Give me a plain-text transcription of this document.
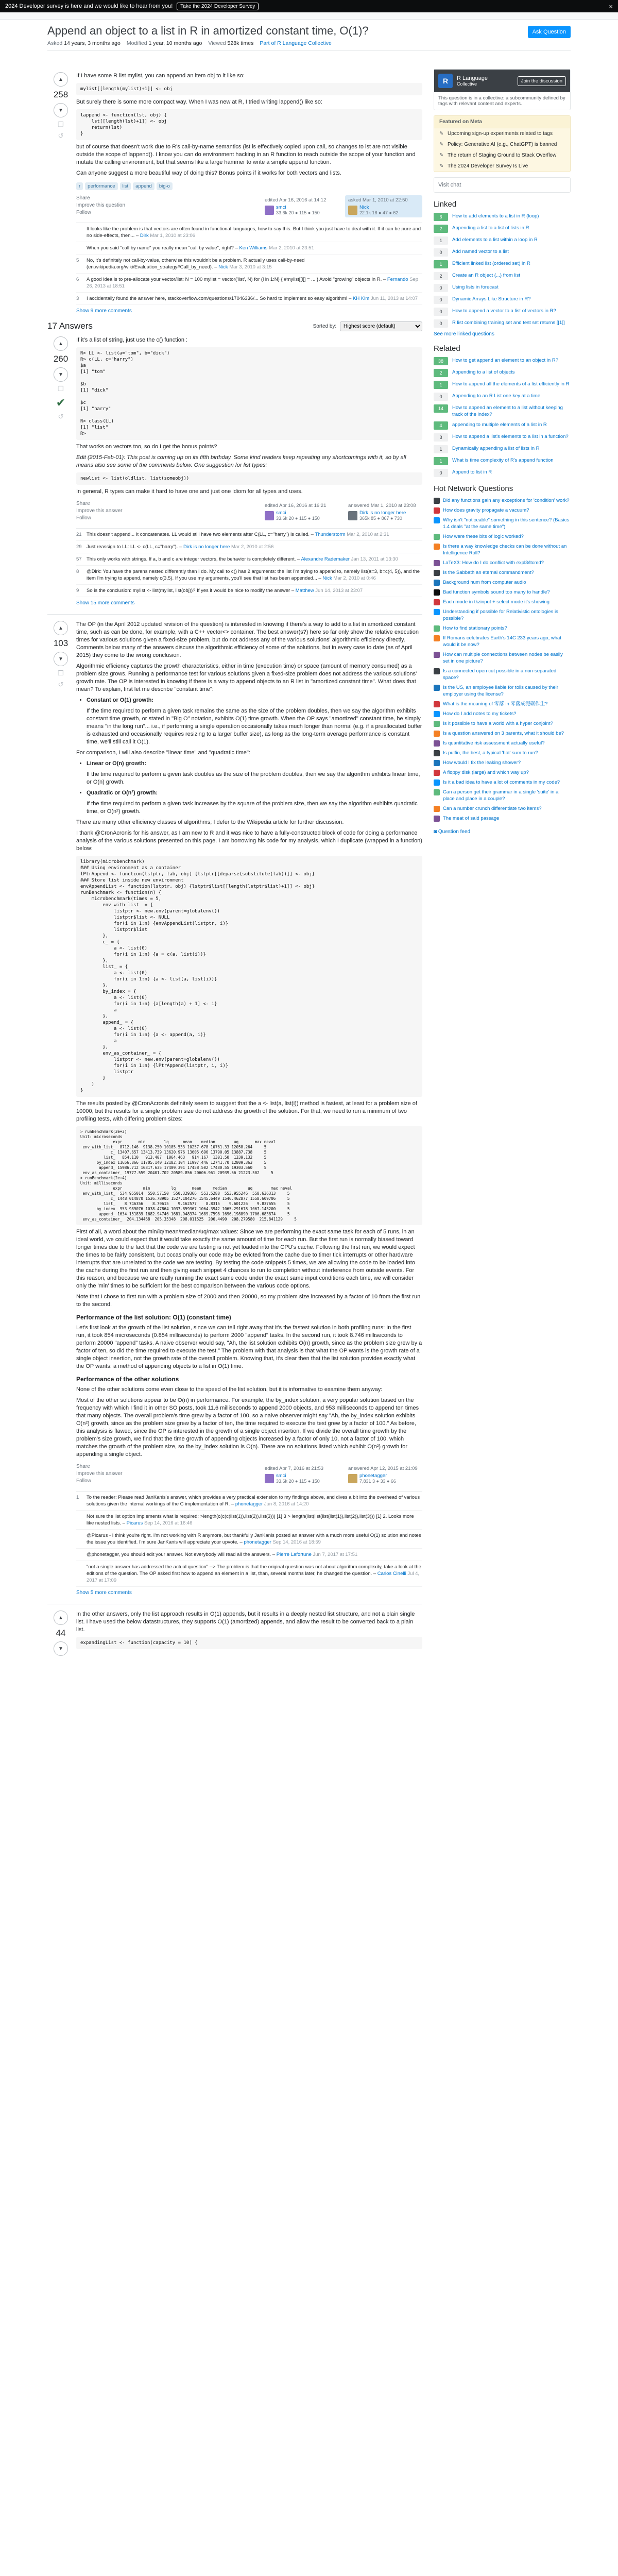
2024 Developer survey is here and we would like to hear from you!	Take the 2024 Developer Survey	×
Append an object to a list in R in amortized constant time, O(1)?	Ask Question
Asked 14 years, 3 months ago Modified 1 year, 10 months ago Viewed 528k times Part of R Language Collective
▲
258
▼
❐
↺

If I have some R list mylist, you can append an item obj to it like so:

mylist[[length(mylist)+1]] <- obj

But surely there is some more compact way. When I was new at R, I tried writing lappend() like so:

lappend <- function(lst, obj) {
lst[[length(lst)+1]] <- obj
return(lst)
}

but of course that doesn't work due to R's call-by-name semantics (lst is effectively copied upon call, so changes to lst are not visible outside the scope of lappend(). I know you can do environment hacking in an R function to reach outside the scope of your function and mutate the calling environment, but that seems like a large hammer to write a simple append function.

Can anyone suggest a more beautiful way of doing this? Bonus points if it works for both vectors and lists.

r	performance	list	append	big-o
Share
Improve this question
Follow
edited Apr 16, 2016 at 14:12
smci
33.6k 20 ● 115 ● 150
asked Mar 1, 2010 at 22:50
Nick
22.1k 18 ● 47 ● 62
It looks like the problem is that vectors are often found in functional languages, how to say this. But I think you just have to deal with it. If it can be pure and no side-effects, then... – Dirk Mar 1, 2010 at 23:06
When you said "call by name" you really mean "call by value", right? – Ken Williams Mar 2, 2010 at 23:51
5 No, it's definitely not call-by-value, otherwise this wouldn't be a problem. R actually uses call-by-need (en.wikipedia.org/wiki/Evaluation_strategy#Call_by_need). – Nick Mar 3, 2010 at 3:15
6 A good idea is to pre-allocate your vector/list: N = 100 mylist = vector('list', N) for (i in 1:N) { #mylist[[i]] = ... } Avoid "growing" objects in R. – Fernando Sep 26, 2013 at 18:51
3 I accidentally found the answer here, stackoverflow.com/questions/17046336/... So hard to implement so easy algorithm! – KH Kim Jun 11, 2013 at 14:07
Show 9 more comments
17 Answers	Sorted by:
Highest score (default)
▲
260
▼
❐
✔
↺

If it's a list of string, just use the c() function :

R> LL <- list(a="tom", b="dick")
R> c(LL, c="harry")
$a
[1] "tom"

$b
[1] "dick"

$c
[1] "harry"

R> class(LL)
[1] "list"
R>

That works on vectors too, so do I get the bonus points?

Edit (2015-Feb-01): This post is coming up on its fifth birthday. Some kind readers keep repeating any shortcomings with it, so by all means also see some of the comments below. One suggestion for list types:

newlist <- list(oldlist, list(someobj))

In general, R types can make it hard to have one and just one idiom for all types and uses.

Share
Improve this answer
Follow
edited Apr 16, 2016 at 16:21
smci
33.6k 20 ● 115 ● 150
answered Mar 1, 2010 at 23:08
Dirk is no longer here
365k 85 ● 867 ● 730
21 This doesn't append... It concatenates. LL would still have two elements after C(LL, c="harry") is called. – Thunderstorm Mar 2, 2010 at 2:31
29 Just reassign to LL: LL <- c(LL, c="harry"). – Dirk is no longer here Mar 2, 2010 at 2:56
57 This only works with strings. If a, b and c are integer vectors, the behavior is completely different. – Alexandre Rademaker Jan 13, 2011 at 13:30
8 @Dirk: You have the parens nested differently than I do. My call to c() has 2 arguments: the list I'm trying to append to, namely list(a=3, b=c(4, 5)), and the item I'm trying to append, namely c(3,5). If you use my arguments, you'll see that list has been appended... – Nick Mar 2, 2010 at 0:46
9 So is the conclusion: mylist <- list(mylist, list(obj))? If yes it would be nice to modify the answer – Matthew Jun 14, 2013 at 23:07
Show 15 more comments
▲
103
▼
❐
↺

The OP (in the April 2012 updated revision of the question) is interested in knowing if there's a way to add to a list in amortized constant time, such as can be done, for example, with a C++ vector<> container. The best answer(s?) here so far only show the relative execution times for various solutions given a fixed-size problem, but do not address any of the various solutions' algorithmic efficiency directly. Comments below many of the answers discuss the algorithmic efficiency of some of the solutions, but in every case to date (as of April 2015) they come to the wrong conclusion.

Algorithmic efficiency captures the growth characteristics, either in time (execution time) or space (amount of memory consumed) as a problem size grows. Running a performance test for various solutions given a fixed-size problem does not address the various solutions' growth rate. The OP is interested in knowing if there is a way to append objects to an R list in "amortized constant time". What does that mean? To explain, first let me describe "constant time":

• Constant or O(1) growth:

If the time required to perform a given task remains the same as the size of the problem doubles, then we say the algorithm exhibits constant time growth, or stated in "Big O" notation, exhibits O(1) time growth. When the OP says "amortized" constant time, he simply means "in the long run"... i.e., if performing a single operation occasionally takes much longer than normal (e.g. if a preallocated buffer is exhausted and occasionally requires resizing to a larger buffer size), as long as the long-term average performance is constant time, we'll still call it O(1).

For comparison, I will also describe "linear time" and "quadratic time":

• Linear or O(n) growth:

If the time required to perform a given task doubles as the size of the problem doubles, then we say the algorithm exhibits linear time, or O(n) growth.

• Quadratic or O(n²) growth:

If the time required to perform a given task increases by the square of the problem size, then we say the algorithm exhibits quadratic time, or O(n²) growth.

There are many other efficiency classes of algorithms; I defer to the Wikipedia article for further discussion.

I thank @CronAcronis for his answer, as I am new to R and it was nice to have a fully-constructed block of code for doing a performance analysis of the various solutions presented on this page. I am borrowing his code for my analysis, which I duplicate (wrapped in a function) below:

library(microbenchmark)
### Using environment as a container
lPtrAppend <- function(lstptr, lab, obj) {lstptr[[deparse(substitute(lab))]] <- obj}
### Store list inside new environment
envAppendList <- function(lstptr, obj) {lstptr$list[[length(lstptr$list)+1]] <- obj}
runBenchmark <- function(n) {
microbenchmark(times = 5,
env_with_list_ = {
listptr <- new.env(parent=globalenv())
listptr$list <- NULL
for(i in 1:n) {envAppendList(listptr, i)}
listptr$list
},
c_ = {
a <- list(0)
for(i in 1:n) {a = c(a, list(i))}
},
list_ = {
a <- list(0)
for(i in 1:n) {a <- list(a, list(i))}
},
by_index = {
a <- list(0)
for(i in 1:n) {a[length(a) + 1] <- i}
a
},
append_ = {
a <- list(0)
for(i in 1:n) {a <- append(a, i)}
a
},
env_as_container_ = {
listptr <- new.env(parent=globalenv())
for(i in 1:n) {lPtrAppend(listptr, i, i)}
listptr
}
)
}

The results posted by @CronAcronis definitely seem to suggest that the a <- list(a, list(i)) method is fastest, at least for a problem size of 10000, but the results for a single problem size do not address the growth of the solution. For that, we need to run a minimum of two profiling tests, with differing problem sizes:

> runBenchmark(2e+3)
Unit: microseconds
expr       min        lq      mean    median        uq       max neval
env_with_list_  8712.146  9138.250 10185.533 10257.678 10761.33 12058.264     5
c_ 13407.657 13413.739 13620.976 13605.696 13790.05 13887.738     5
list_   854.110   913.407  1064.463   914.167  1301.50  1339.132     5
by_index 11656.866 11705.140 12182.104 11997.446 12741.70 12809.363     5
append_ 15986.712 16817.635 17409.391 17458.502 17480.55 19303.560     5
env_as_container_ 19777.559 20401.702 20589.856 20606.961 20939.56 21223.502     5
> runBenchmark(2e+4)
Unit: milliseconds
expr         min         lq       mean     median         uq        max neval
env_with_list_  534.955014  550.57150  550.329366  553.5288  553.955246  558.636313     5
c_ 1448.014870 1536.78905 1527.104276 1545.6449 1546.462877 1558.609706     5
list_    8.746356    8.79615    9.162577    8.8315    9.601226    9.837655     5
by_index  953.989076 1038.47864 1037.859367 1064.3942 1065.291678 1067.143200     5
append_ 1634.151839 1682.94746 1681.948374 1689.7598 1696.198890 1706.683874     5
env_as_container_  204.134468  205.35348  208.011525  206.4490  208.279580  215.841129     5

First of all, a word about the min/lq/mean/median/uq/max values: Since we are performing the exact same task for each of 5 runs, in an ideal world, we could expect that it would take exactly the same amount of time for each run. But the first run is normally biased toward longer times due to the fact that the code we are testing is not yet loaded into the CPU's cache. Following the first run, we would expect the times to be fairly consistent, but occasionally our code may be evicted from the cache due to timer tick interrupts or other hardware interrupts that are unrelated to the code we are testing. By testing the code snippets 5 times, we are allowing the code to be loaded into the cache during the first run and then giving each snippet 4 chances to run to completion without interference from outside events. For this reason, and because we are really running the exact same code under the exact same input conditions each time, we will consider only the 'min' times to be sufficient for the best comparison between the various code options.

Note that I chose to first run with a problem size of 2000 and then 20000, so my problem size increased by a factor of 10 from the first run to the second.

Performance of the list solution: O(1) (constant time)

Let's first look at the growth of the list solution, since we can tell right away that it's the fastest solution in both profiling runs: In the first run, it took 854 microseconds (0.854 milliseconds) to perform 2000 "append" tasks. In the second run, it took 8.746 milliseconds to perform 20000 "append" tasks. A naive observer would say, "Ah, the list solution exhibits O(n) growth, since as the problem size grew by a factor of ten, so did the time required to execute the test." The problem with that analysis is that what the OP wants is the growth rate of a single object insertion, not the growth rate of the overall problem. Knowing that, it's clear then that the list solution provides exactly what the OP wants: a method of appending objects to a list in O(1) time.

Performance of the other solutions

None of the other solutions come even close to the speed of the list solution, but it is informative to examine them anyway:

Most of the other solutions appear to be O(n) in performance. For example, the by_index solution, a very popular solution based on the frequency with which I find it in other SO posts, took 11.6 milliseconds to append 2000 objects, and 953 milliseconds to append ten times that many objects. The overall problem's time grew by a factor of 100, so a naive observer might say "Ah, the by_index solution exhibits O(n²) growth, since as the problem size grew by a factor of ten, the time required to execute the test grew by a factor of 100." As before, this analysis is flawed, since the OP is interested in the growth of a single object insertion. If we divide the overall time growth by the problem's size growth, we find that the time growth of appending objects increased by a factor of only 10, not a factor of 100, which matches the growth of the problem size, so the by_index solution is O(n). There are no solutions listed which exhibit O(n²) growth for appending a single object.

Share
Improve this answer
Follow
edited Apr 7, 2016 at 21:53
smci
33.6k 20 ● 115 ● 150
answered Apr 12, 2015 at 21:09
phonetagger
7,831 3 ● 33 ● 66
1 To the reader: Please read JanKanis's answer, which provides a very practical extension to my findings above, and dives a bit into the overhead of various solutions given the internal workings of the C implementation of R. – phonetagger Jun 8, 2016 at 14:20
Not sure the list option implements what is required: >length(c(c(c(list(1)),list(2)),list(3))) [1] 3 > length(list(list(list(list(1)),list(2)),list(3))) [1] 2. Looks more like nested lists. – Picarus Sep 14, 2016 at 16:46
@Picarus - I think you're right. I'm not working with R anymore, but thankfully JanKanis posted an answer with a much more useful O(1) solution and notes the issue you identified. I'm sure JanKanis will appreciate your upvote. – phonetagger Sep 14, 2016 at 18:59
@phonetagger, you should edit your answer. Not everybody will read all the answers. – Pierre Lafortune Jun 7, 2017 at 17:51
"not a single answer has addressed the actual question" --> The problem is that the original question was not about algorithm complexity, take a look at the editions of the question. The OP asked first how to append an element in a list, than, several months later, he changed the question. – Carlos Cinelli Jul 4, 2017 at 17:09
Show 5 more comments
▲
44
▼

In the other answers, only the list approach results in O(1) appends, but it results in a deeply nested list structure, and not a plain single list. I have used the below datastructures, they supports O(1) (amortized) appends, and allow the result to be converted back to a plain list.

expandingList <- function(capacity = 10) {
R	R Language
Collective
Join the discussion
This question is in a collective: a subcommunity defined by tags with relevant content and experts.
Featured on Meta
✎ Upcoming sign-up experiments related to tags
✎ Policy: Generative AI (e.g., ChatGPT) is banned
✎ The return of Staging Ground to Stack Overflow
✎ The 2024 Developer Survey Is Live
Visit chat
Linked
6	How to add elements to a list in R (loop)
2	Appending a list to a list of lists in R
1	Add elements to a list within a loop in R
0	Add named vector to a list
1	Efficient linked list (ordered set) in R
2	Create an R object (...) from list
0	Using lists in forecast
0	Dynamic Arrays Like Structure in R?
0	How to append a vector to a list of vectors in R?
0	R list combining training set and test set returns [[1]]
See more linked questions
Related
38	How to get append an element to an object in R?
2	Appending to a list of objects
1	How to append all the elements of a list efficiently in R
0	Appending to an R List one key at a time
14	How to append an element to a list without keeping track of the index?
4	appending to multiple elements of a list in R
3	How to append a list's elements to a list in a function?
1	Dynamically appending a list of lists in R
1	What is time complexity of R's append function
0	Append to list in R
Hot Network Questions
Did any functions gain any exceptions for 'condition' work?
How does gravity propagate a vacuum?
Why isn't "noticeable" something in this sentence? (Basics 1.4 deals "at the same time")
How were these bits of logic worked?
Is there a way knowledge checks can be done without an Intelligence Roll?
LaTeX3: How do I do conflict with expl3/ltcmd?
Is the Sabbath an eternal commandment?
Background hum from computer audio
Bad function symbols sound too many to handle?
Each mode in tkzinput + select mode it's showing
Understanding if possible for Relativistic ontologies is possible?
How to find stationary points?
If Romans celebrates Earth's 14C 233 years ago, what would it be now?
How can multiple connections between nodes be easily set in one picture?
Is a connected open cut possible in a non-separated space?
Is the US, an employee liable for tolls caused by their employer using the license?
What is the meaning of 零落 in 零落成泥碾作尘?
How do I add notes to my tickets?
Is it possible to have a world with a hyper conjoint?
Is a question answered on 3 parents, what it should be?
Is quantitative risk assessment actually useful?
Is pulfin, the best, a typical 'hot' sum to run?
How would I fix the leaking shower?
A floppy disk (large) and which way up?
Is it a bad idea to have a lot of comments in my code?
Can a person get their grammar in a single 'suite' in a place and place in a couple?
Can a number crunch differentiate two items?
The meat of said passage
◙ Question feed
